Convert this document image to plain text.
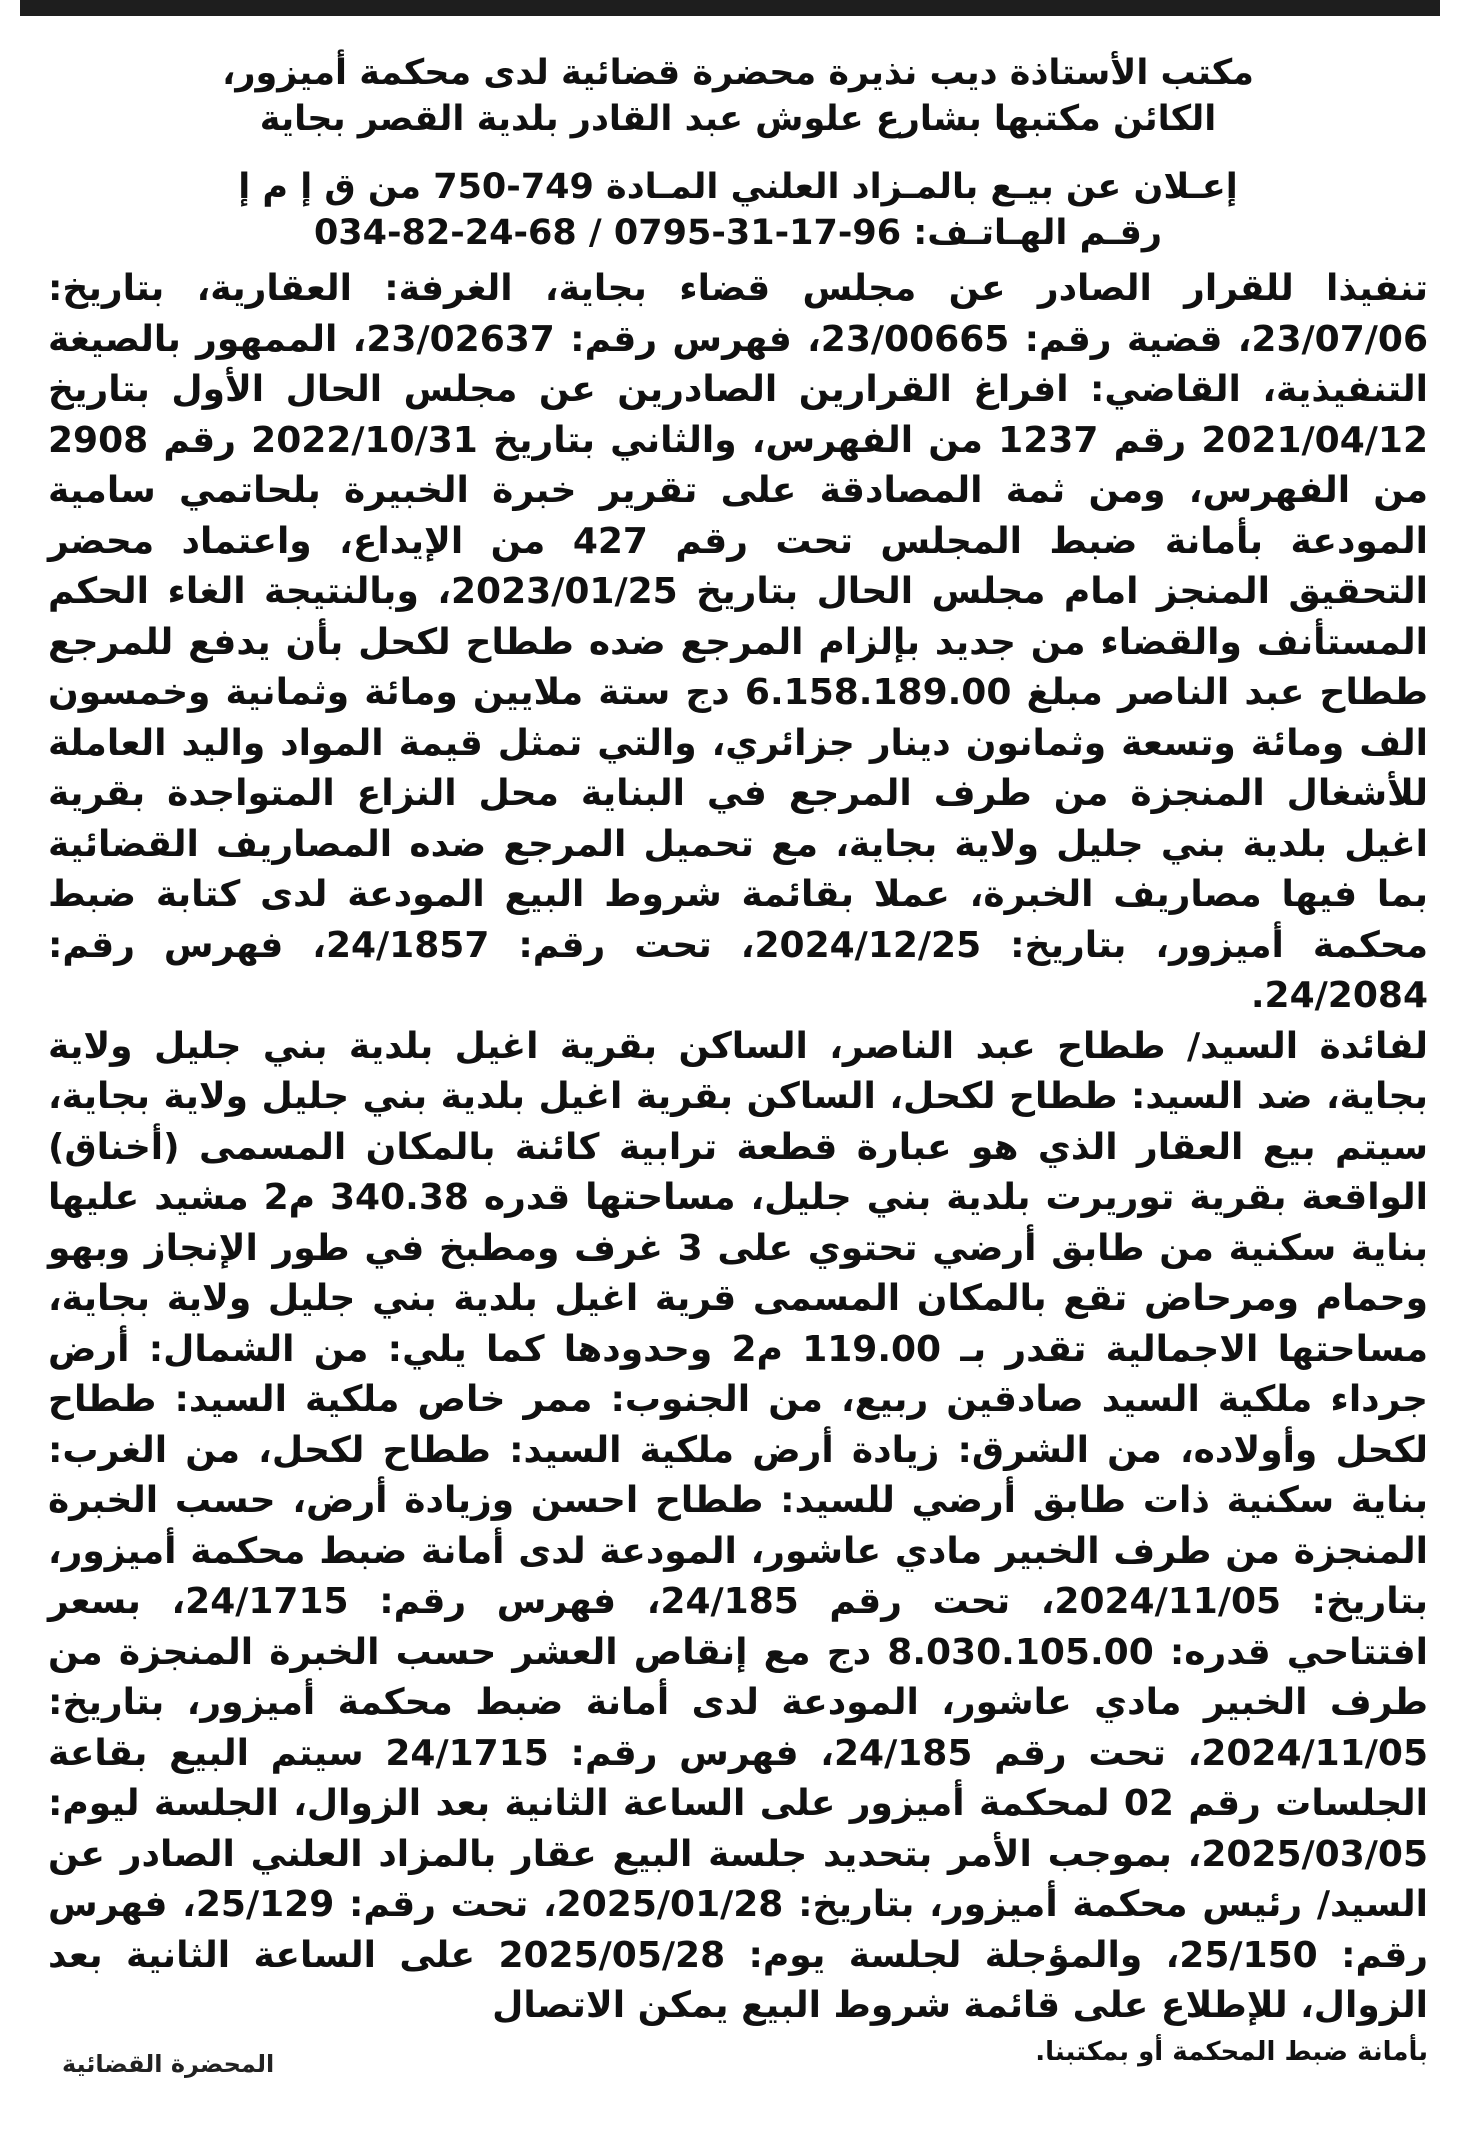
مكتب الأستاذة ديب نذيرة محضرة قضائية لدى محكمة أميزور،
الكائن مكتبها بشارع علوش عبد القادر بلدية القصر بجاية
إعـلان عن بيـع بالمـزاد العلني المـادة 749-750 من ق إ م إ
رقـم الهـاتـف: 96-17-31-0795 / 68-24-82-034

تنفيذا للقرار الصادر عن مجلس قضاء بجاية، الغرفة: العقارية، بتاريخ: 23/07/06، قضية رقم: 23/00665، فهرس رقم: 23/02637، الممهور بالصيغة التنفيذية، القاضي: افراغ القرارين الصادرين عن مجلس الحال الأول بتاريخ 2021/04/12 رقم 1237 من الفهرس، والثاني بتاريخ 2022/10/31 رقم 2908 من الفهرس، ومن ثمة المصادقة على تقرير خبرة الخبيرة بلحاتمي سامية المودعة بأمانة ضبط المجلس تحت رقم 427 من الإيداع، واعتماد محضر التحقيق المنجز امام مجلس الحال بتاريخ 2023/01/25، وبالنتيجة الغاء الحكم المستأنف والقضاء من جديد بإلزام المرجع ضده ططاح لكحل بأن يدفع للمرجع ططاح عبد الناصر مبلغ 6.158.189.00 دج ستة ملايين ومائة وثمانية وخمسون الف ومائة وتسعة وثمانون دينار جزائري، والتي تمثل قيمة المواد واليد العاملة للأشغال المنجزة من طرف المرجع في البناية محل النزاع المتواجدة بقرية اغيل بلدية بني جليل ولاية بجاية، مع تحميل المرجع ضده المصاريف القضائية بما فيها مصاريف الخبرة، عملا بقائمة شروط البيع المودعة لدى كتابة ضبط محكمة أميزور، بتاريخ: 2024/12/25، تحت رقم: 24/1857، فهرس رقم: 24/2084.

لفائدة السيد/ ططاح عبد الناصر، الساكن بقرية اغيل بلدية بني جليل ولاية بجاية، ضد السيد: ططاح لكحل، الساكن بقرية اغيل بلدية بني جليل ولاية بجاية، سيتم بيع العقار الذي هو عبارة قطعة ترابية كائنة بالمكان المسمى (أخناق) الواقعة بقرية توريرت بلدية بني جليل، مساحتها قدره 340.38 م2 مشيد عليها بناية سكنية من طابق أرضي تحتوي على 3 غرف ومطبخ في طور الإنجاز وبهو وحمام ومرحاض تقع بالمكان المسمى قرية اغيل بلدية بني جليل ولاية بجاية، مساحتها الاجمالية تقدر بـ 119.00 م2 وحدودها كما يلي: من الشمال: أرض جرداء ملكية السيد صادقين ربيع، من الجنوب: ممر خاص ملكية السيد: ططاح لكحل وأولاده، من الشرق: زيادة أرض ملكية السيد: ططاح لكحل، من الغرب: بناية سكنية ذات طابق أرضي للسيد: ططاح احسن وزيادة أرض، حسب الخبرة المنجزة من طرف الخبير مادي عاشور، المودعة لدى أمانة ضبط محكمة أميزور، بتاريخ: 2024/11/05، تحت رقم 24/185، فهرس رقم: 24/1715، بسعر افتتاحي قدره: 8.030.105.00 دج مع إنقاص العشر حسب الخبرة المنجزة من طرف الخبير مادي عاشور، المودعة لدى أمانة ضبط محكمة أميزور، بتاريخ: 2024/11/05، تحت رقم 24/185، فهرس رقم: 24/1715 سيتم البيع بقاعة الجلسات رقم 02 لمحكمة أميزور على الساعة الثانية بعد الزوال، الجلسة ليوم: 2025/03/05، بموجب الأمر بتحديد جلسة البيع عقار بالمزاد العلني الصادر عن السيد/ رئيس محكمة أميزور، بتاريخ: 2025/01/28، تحت رقم: 25/129، فهرس رقم: 25/150، والمؤجلة لجلسة يوم: 2025/05/28 على الساعة الثانية بعد الزوال، للإطلاع على قائمة شروط البيع يمكن الاتصال

بأمانة ضبط المحكمة أو بمكتبنا.
المحضرة القضائية
